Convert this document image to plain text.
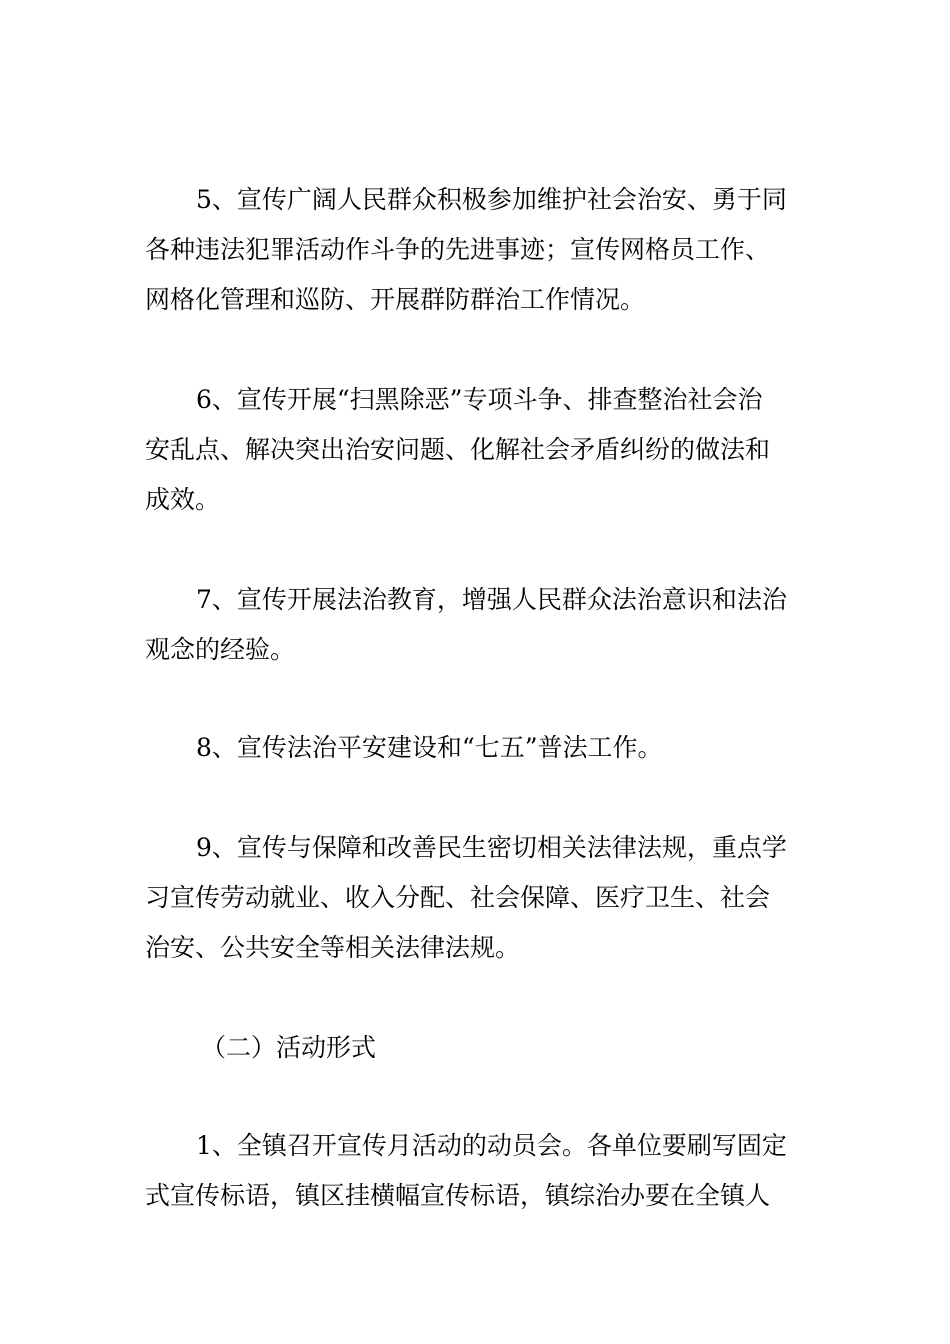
5、宣传广阔人民群众积极参加维护社会治安、勇于同
各种违法犯罪活动作斗争的先进事迹；宣传网格员工作、
网格化管理和巡防、开展群防群治工作情况。
6、宣传开展“扫黑除恶”专项斗争、排查整治社会治
安乱点、解决突出治安问题、化解社会矛盾纠纷的做法和
成效。
7、宣传开展法治教育，增强人民群众法治意识和法治
观念的经验。
8、宣传法治平安建设和“七五”普法工作。
9、宣传与保障和改善民生密切相关法律法规，重点学
习宣传劳动就业、收入分配、社会保障、医疗卫生、社会
治安、公共安全等相关法律法规。
（二）活动形式
1、全镇召开宣传月活动的动员会。各单位要刷写固定
式宣传标语，镇区挂横幅宣传标语，镇综治办要在全镇人
